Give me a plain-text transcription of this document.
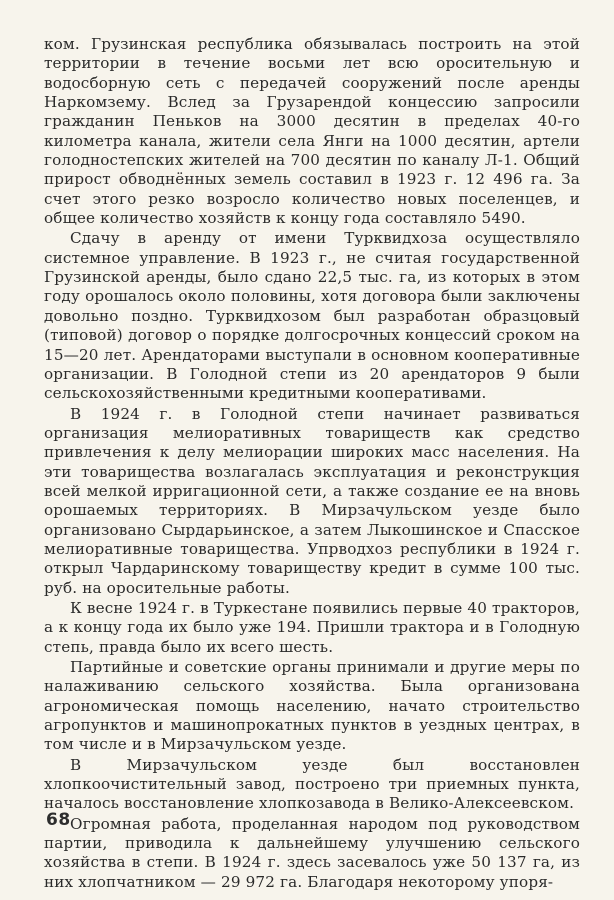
ком. Грузинская республика обязывалась построить на этой территории в течение восьми лет всю оросительную и водосборную сеть с передачей сооружений после аренды Наркомзему. Вслед за Грузарендой концессию запросили гражданин Пеньков на 3000 десятин в пределах 40-го километра канала, жители села Янги на 1000 десятин, артели голодностепских жителей на 700 десятин по каналу Л-1. Общий прирост обводнённых земель составил в 1923 г. 12 496 га. За счет этого резко возросло количество новых поселенцев, и общее количество хозяйств к концу года составляло 5490.

Сдачу в аренду от имени Турквидхоза осуществляло системное управление. В 1923 г., не считая государственной Грузинской аренды, было сдано 22,5 тыс. га, из которых в этом году орошалось около половины, хотя договора были заключены довольно поздно. Турквидхозом был разработан образцовый (типовой) договор о порядке долгосрочных концессий сроком на 15—20 лет. Арендаторами выступали в основном кооперативные организации. В Голодной степи из 20 арендаторов 9 были сельскохозяйственными кредитными кооперативами.

В 1924 г. в Голодной степи начинает развиваться организация мелиоративных товариществ как средство привлечения к делу мелиорации широких масс населения. На эти товарищества возлагалась эксплуатация и реконструкция всей мелкой ирригационной сети, а также создание ее на вновь орошаемых территориях. В Мирзачульском уезде было организовано Сырдарьинское, а затем Лыкошинское и Спасское мелиоративные товарищества. Упрводхоз республики в 1924 г. открыл Чардаринскому товариществу кредит в сумме 100 тыс. руб. на оросительные работы.

К весне 1924 г. в Туркестане появились первые 40 тракторов, а к концу года их было уже 194. Пришли трактора и в Голодную степь, правда было их всего шесть.

Партийные и советские органы принимали и другие меры по налаживанию сельского хозяйства. Была организована агрономическая помощь населению, начато строительство агропунктов и машинопрокатных пунктов в уездных центрах, в том числе и в Мирзачульском уезде.

В Мирзачульском уезде был восстановлен хлопкоочистительный завод, построено три приемных пункта, началось восстановление хлопкозавода в Велико-Алексеевском.

Огромная работа, проделанная народом под руководством партии, приводила к дальнейшему улучшению сельского хозяйства в степи. В 1924 г. здесь засевалось уже 50 137 га, из них хлопчатником — 29 972 га. Благодаря некоторому упоря-

68
